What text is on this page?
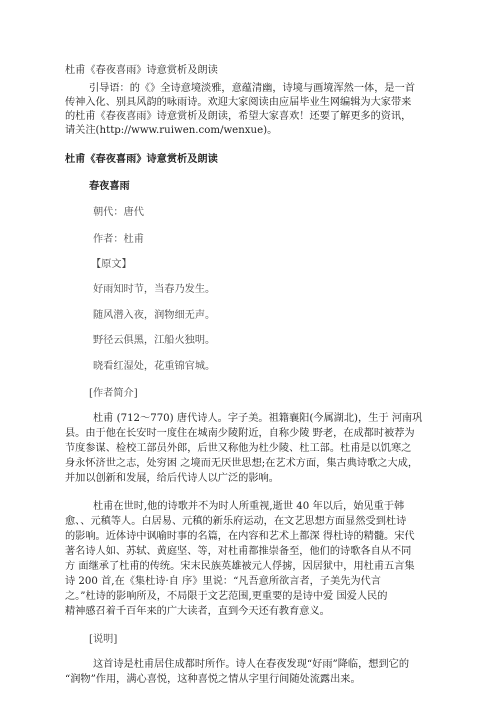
杜甫《春夜喜雨》诗意赏析及朗读
引导语：的《》全诗意境淡雅，意蕴清幽，诗境与画境浑然一体，是一首
传神入化、别具风韵的咏雨诗。欢迎大家阅读由应届毕业生网编辑为大家带来
的杜甫《春夜喜雨》诗意赏析及朗读，希望大家喜欢！还要了解更多的资讯，
请关注(http://www.ruiwen.com/wenxue)。
杜甫《春夜喜雨》诗意赏析及朗读
春夜喜雨
朝代：唐代
作者：杜甫
【原文】
好雨知时节，当春乃发生。
随风潜入夜，润物细无声。
野径云俱黑，江船火独明。
晓看红湿处，花重锦官城。
[作者简介]
杜甫 (712～770) 唐代诗人。字子美。祖籍襄阳(今属湖北)，生于 河南巩
县。由于他在长安时一度住在城南少陵附近，自称少陵 野老，在成都时被荐为
节度参谋、检校工部员外郎，后世又称他为杜少陵、杜工部。杜甫是以饥寒之
身永怀济世之志，处穷困 之境而无厌世思想;在艺术方面，集古典诗歌之大成，
并加以创新和发展，给后代诗人以广泛的影响。
杜甫在世时,他的诗歌并不为时人所重视,逝世 40 年以后，始见重于韩
愈、、元稹等人。白居易、元稹的新乐府运动，在文艺思想方面显然受到杜诗
的影响。近体诗中讽喻时事的名篇，在内容和艺术上都深 得杜诗的精髓。宋代
著名诗人如、苏轼、黄庭坚、等，对杜甫都推崇备至，他们的诗歌各自从不同
方 面继承了杜甫的传统。宋末民族英雄被元人俘掳，因居狱中，用杜甫五言集
诗 200 首,在《集杜诗·自 序》里说：“凡吾意所欲言者，子美先为代言
之。”杜诗的影响所及，不局限于文艺范围,更重要的是诗中爱 国爱人民的
精神感召着千百年来的广大读者，直到今天还有教育意义。
[说明]
这首诗是杜甫居住成都时所作。诗人在春夜发现“好雨”降临，想到它的
“润物”作用，满心喜悦，这种喜悦之情从字里行间随处流露出来。
